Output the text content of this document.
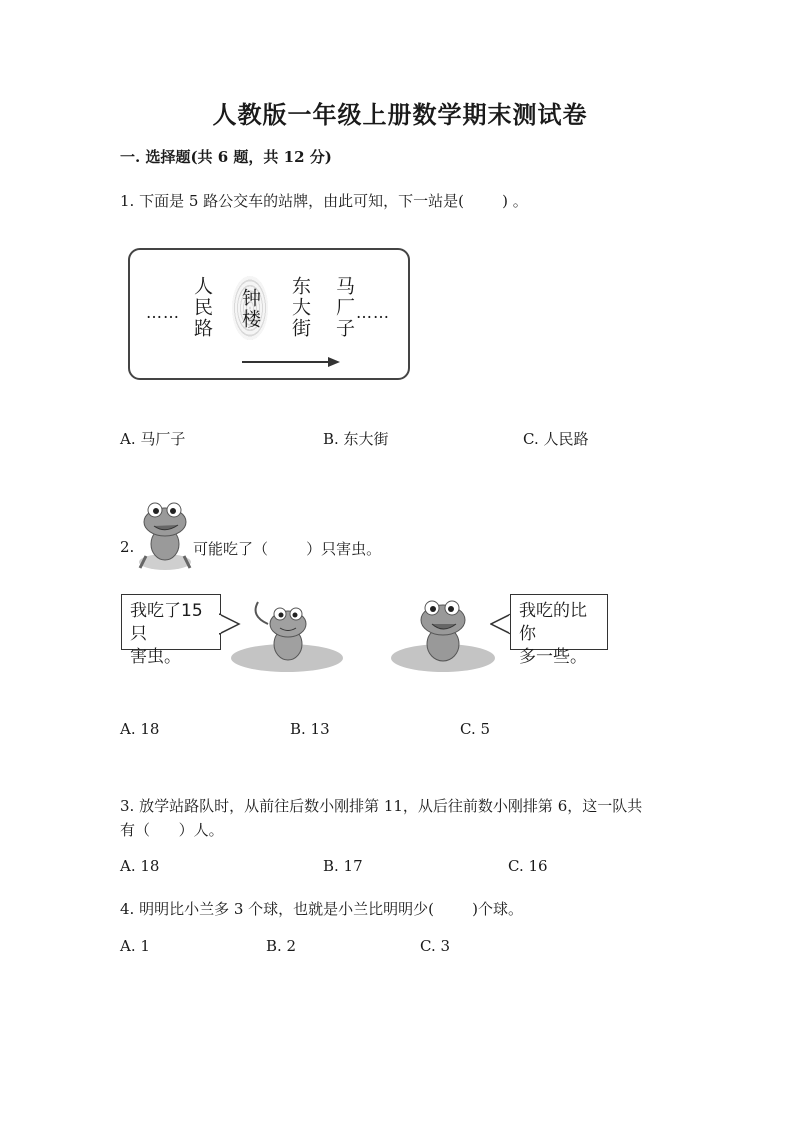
人教版一年级上册数学期末测试卷
一. 选择题(共 6 题，共 12 分)
1. 下面是 5 路公交车的站牌，由此可知，下一站是(        ) 。
…… 人民路 钟楼 东大街 马厂子 ……
A. 马厂子	B. 东大街	C. 人民路
2.	可能吃了（        ）只害虫。
我吃了15只
害虫。
我吃的比你
多一些。
A. 18	B. 13	C. 5
3. 放学站路队时，从前往后数小刚排第 11，从后往前数小刚排第 6，这一队共
有（      ）人。
A. 18	B. 17	C. 16
4. 明明比小兰多 3 个球，也就是小兰比明明少(        )个球。
A. 1	B. 2	C. 3
